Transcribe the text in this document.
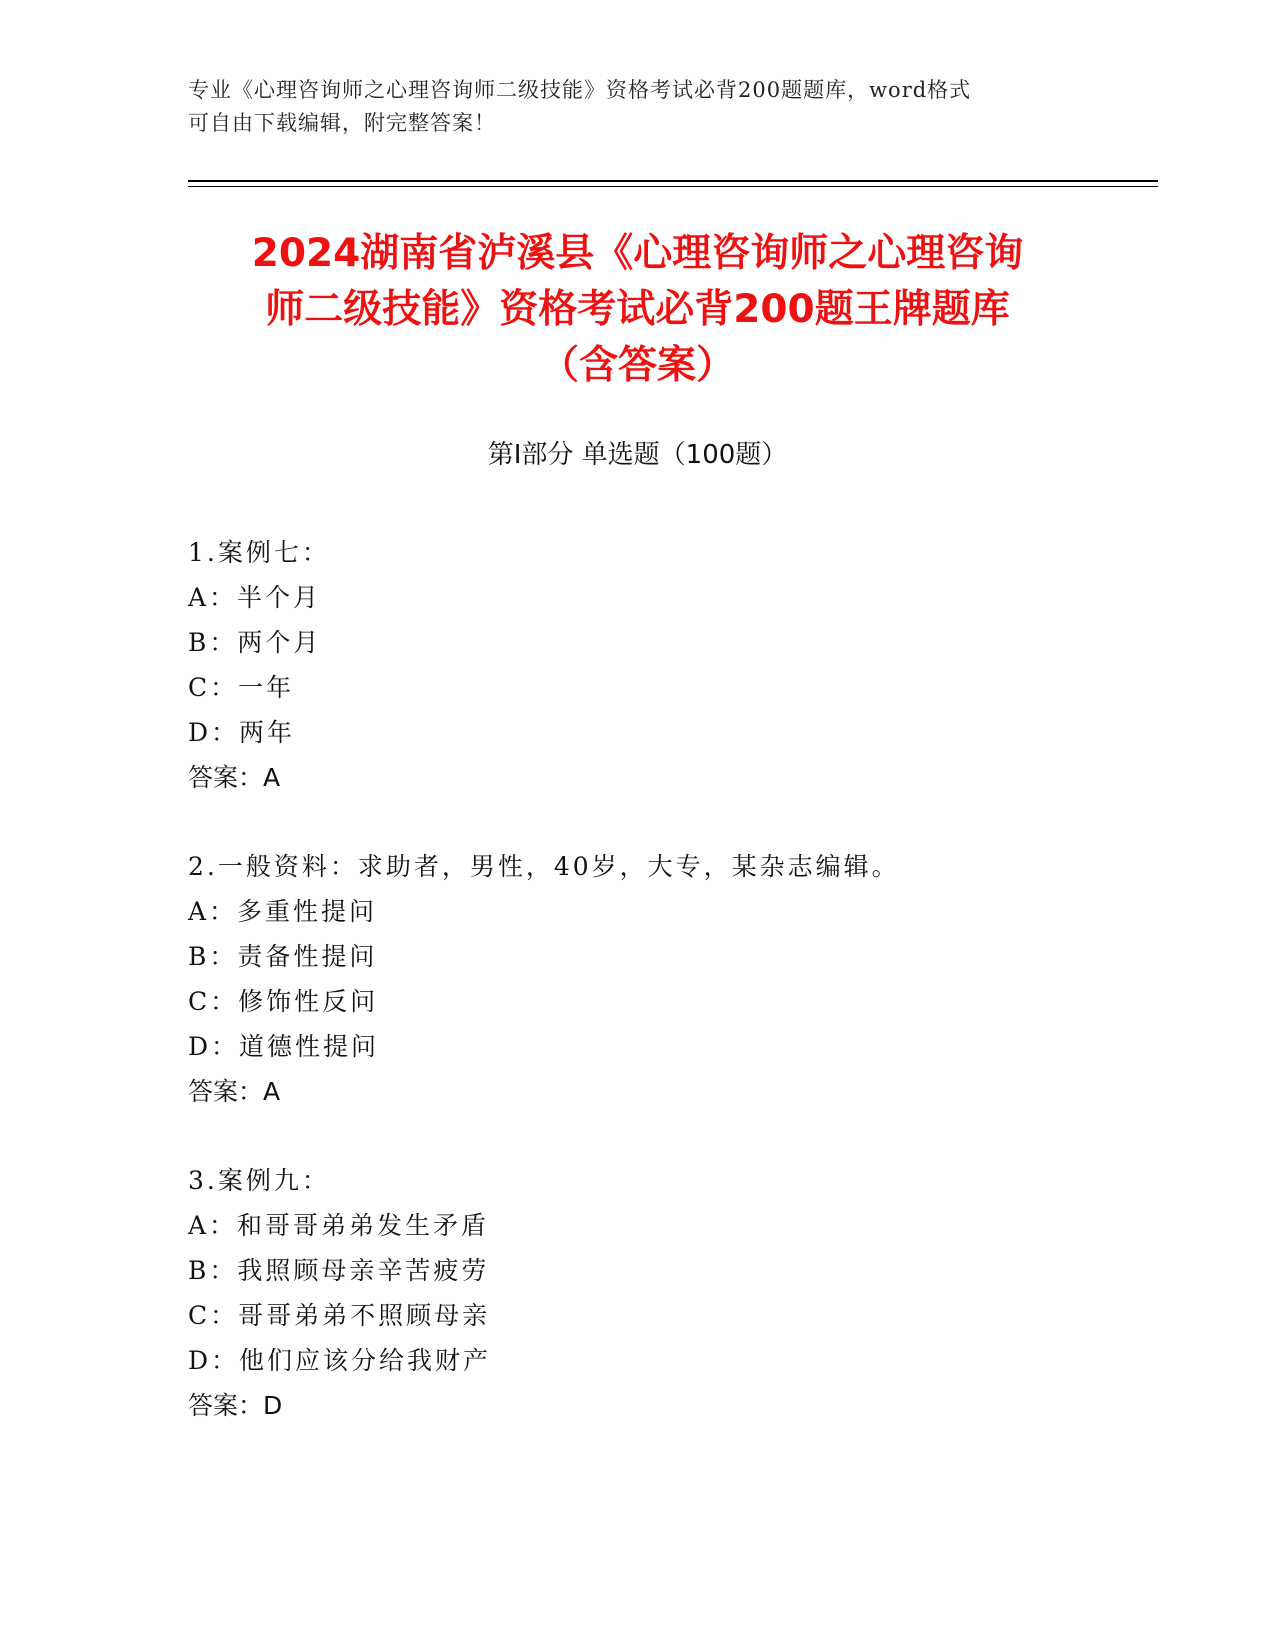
专业《心理咨询师之心理咨询师二级技能》资格考试必背200题题库，word格式
可自由下载编辑，附完整答案！
2024湖南省泸溪县《心理咨询师之心理咨询
师二级技能》资格考试必背200题王牌题库
（含答案）
第I部分 单选题（100题）
1.案例七：
A：半个月
B：两个月
C：一年
D：两年
答案：A
2.一般资料：求助者，男性，40岁，大专，某杂志编辑。
A：多重性提问
B：责备性提问
C：修饰性反问
D：道德性提问
答案：A
3.案例九：
A：和哥哥弟弟发生矛盾
B：我照顾母亲辛苦疲劳
C：哥哥弟弟不照顾母亲
D：他们应该分给我财产
答案：D
